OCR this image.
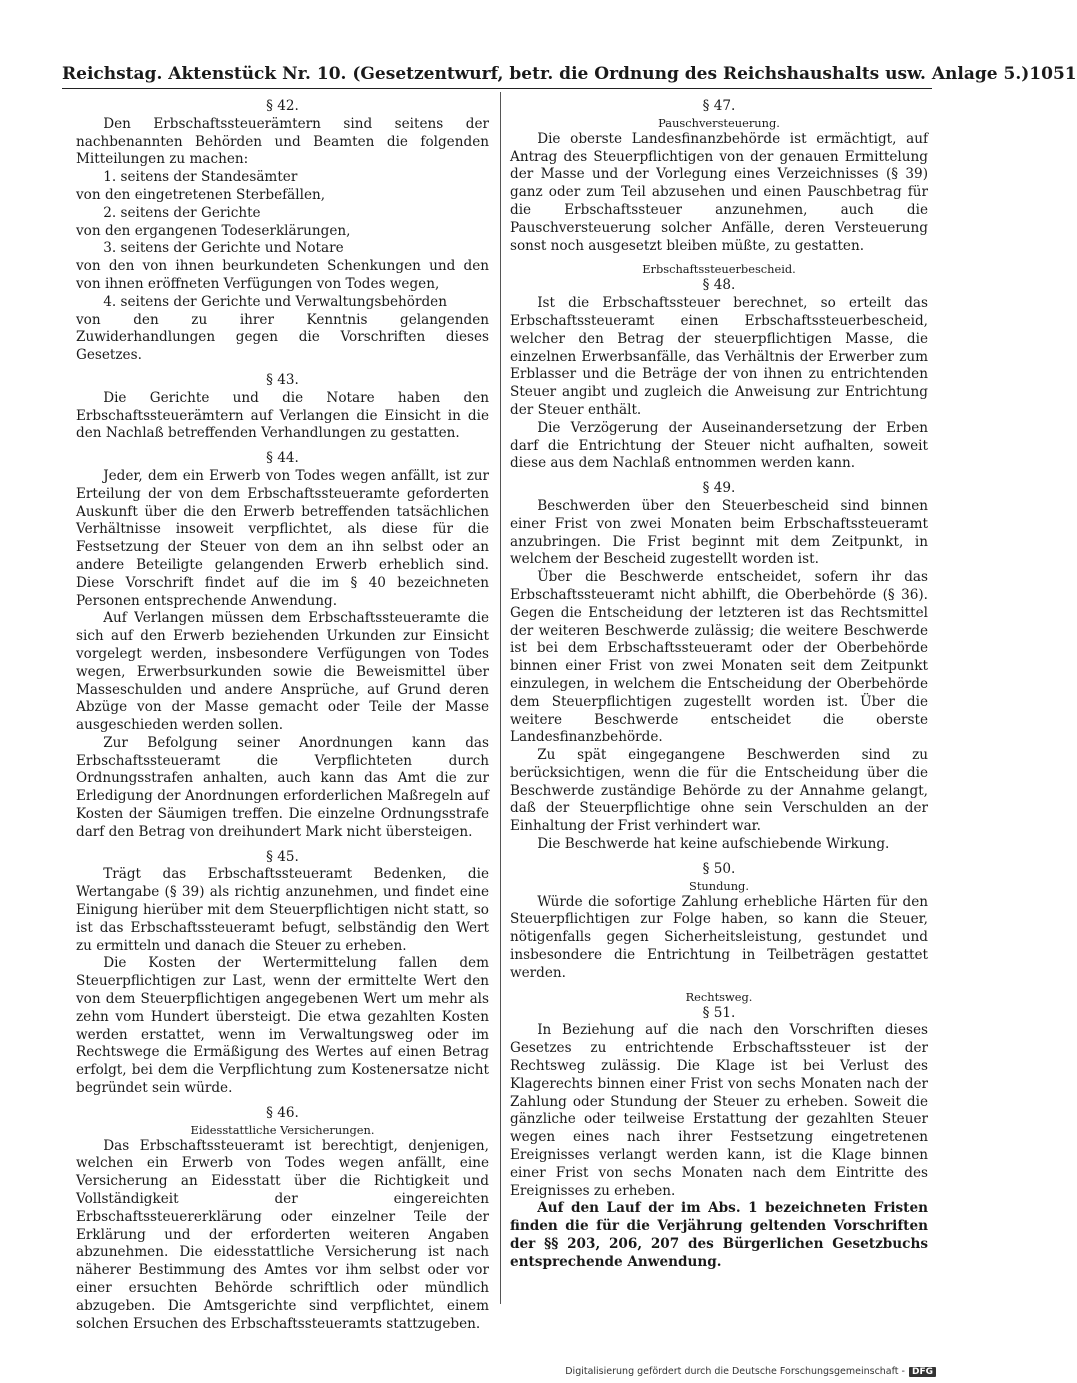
Reichstag. Aktenstück Nr. 10. (Gesetzentwurf, betr. die Ordnung des Reichshaushalts usw. Anlage 5.) 1051
§ 42.

Den Erbschaftssteuerämtern sind seitens der nachbenannten Behörden und Beamten die folgenden Mitteilungen zu machen:

1. seitens der Standesämter

von den eingetretenen Sterbefällen,

2. seitens der Gerichte

von den ergangenen Todeserklärungen,

3. seitens der Gerichte und Notare

von den von ihnen beurkundeten Schenkungen und den von ihnen eröffneten Verfügungen von Todes wegen,

4. seitens der Gerichte und Verwaltungsbehörden

von den zu ihrer Kenntnis gelangenden Zuwiderhandlungen gegen die Vorschriften dieses Gesetzes.

§ 43.

Die Gerichte und die Notare haben den Erbschaftssteuerämtern auf Verlangen die Einsicht in die den Nachlaß betreffenden Verhandlungen zu gestatten.

§ 44.

Jeder, dem ein Erwerb von Todes wegen anfällt, ist zur Erteilung der von dem Erbschaftssteueramte geforderten Auskunft über die den Erwerb betreffenden tatsächlichen Verhältnisse insoweit verpflichtet, als diese für die Festsetzung der Steuer von dem an ihn selbst oder an andere Beteiligte gelangenden Erwerb erheblich sind. Diese Vorschrift findet auf die im § 40 bezeichneten Personen entsprechende Anwendung.

Auf Verlangen müssen dem Erbschaftssteueramte die sich auf den Erwerb beziehenden Urkunden zur Einsicht vorgelegt werden, insbesondere Verfügungen von Todes wegen, Erwerbsurkunden sowie die Beweismittel über Masseschulden und andere Ansprüche, auf Grund deren Abzüge von der Masse gemacht oder Teile der Masse ausgeschieden werden sollen.

Zur Befolgung seiner Anordnungen kann das Erbschaftssteueramt die Verpflichteten durch Ordnungsstrafen anhalten, auch kann das Amt die zur Erledigung der Anordnungen erforderlichen Maßregeln auf Kosten der Säumigen treffen. Die einzelne Ordnungsstrafe darf den Betrag von dreihundert Mark nicht übersteigen.

§ 45.

Trägt das Erbschaftssteueramt Bedenken, die Wertangabe (§ 39) als richtig anzunehmen, und findet eine Einigung hierüber mit dem Steuerpflichtigen nicht statt, so ist das Erbschaftssteueramt befugt, selbständig den Wert zu ermitteln und danach die Steuer zu erheben.

Die Kosten der Wertermittelung fallen dem Steuerpflichtigen zur Last, wenn der ermittelte Wert den von dem Steuerpflichtigen angegebenen Wert um mehr als zehn vom Hundert übersteigt. Die etwa gezahlten Kosten werden erstattet, wenn im Verwaltungsweg oder im Rechtswege die Ermäßigung des Wertes auf einen Betrag erfolgt, bei dem die Verpflichtung zum Kostenersatze nicht begründet sein würde.

§ 46.
Eidesstattliche Versicherungen.

Das Erbschaftssteueramt ist berechtigt, denjenigen, welchen ein Erwerb von Todes wegen anfällt, eine Versicherung an Eidesstatt über die Richtigkeit und Vollständigkeit der eingereichten Erbschaftssteuererklärung oder einzelner Teile der Erklärung und der erforderten weiteren Angaben abzunehmen. Die eidesstattliche Versicherung ist nach näherer Bestimmung des Amtes vor ihm selbst oder vor einer ersuchten Behörde schriftlich oder mündlich abzugeben. Die Amtsgerichte sind verpflichtet, einem solchen Ersuchen des Erbschaftssteueramts stattzugeben.

§ 47.
Pauschversteuerung.

Die oberste Landesfinanzbehörde ist ermächtigt, auf Antrag des Steuerpflichtigen von der genauen Ermittelung der Masse und der Vorlegung eines Verzeichnisses (§ 39) ganz oder zum Teil abzusehen und einen Pauschbetrag für die Erbschaftssteuer anzunehmen, auch die Pauschversteuerung solcher Anfälle, deren Versteuerung sonst noch ausgesetzt bleiben müßte, zu gestatten.

Erbschaftssteuerbescheid.
§ 48.

Ist die Erbschaftssteuer berechnet, so erteilt das Erbschaftssteueramt einen Erbschaftssteuerbescheid, welcher den Betrag der steuerpflichtigen Masse, die einzelnen Erwerbsanfälle, das Verhältnis der Erwerber zum Erblasser und die Beträge der von ihnen zu entrichtenden Steuer angibt und zugleich die Anweisung zur Entrichtung der Steuer enthält.

Die Verzögerung der Auseinandersetzung der Erben darf die Entrichtung der Steuer nicht aufhalten, soweit diese aus dem Nachlaß entnommen werden kann.

§ 49.

Beschwerden über den Steuerbescheid sind binnen einer Frist von zwei Monaten beim Erbschaftssteueramt anzubringen. Die Frist beginnt mit dem Zeitpunkt, in welchem der Bescheid zugestellt worden ist.

Über die Beschwerde entscheidet, sofern ihr das Erbschaftssteueramt nicht abhilft, die Oberbehörde (§ 36). Gegen die Entscheidung der letzteren ist das Rechtsmittel der weiteren Beschwerde zulässig; die weitere Beschwerde ist bei dem Erbschaftssteueramt oder der Oberbehörde binnen einer Frist von zwei Monaten seit dem Zeitpunkt einzulegen, in welchem die Entscheidung der Oberbehörde dem Steuerpflichtigen zugestellt worden ist. Über die weitere Beschwerde entscheidet die oberste Landesfinanzbehörde.

Zu spät eingegangene Beschwerden sind zu berücksichtigen, wenn die für die Entscheidung über die Beschwerde zuständige Behörde zu der Annahme gelangt, daß der Steuerpflichtige ohne sein Verschulden an der Einhaltung der Frist verhindert war.

Die Beschwerde hat keine aufschiebende Wirkung.

§ 50.
Stundung.

Würde die sofortige Zahlung erhebliche Härten für den Steuerpflichtigen zur Folge haben, so kann die Steuer, nötigenfalls gegen Sicherheitsleistung, gestundet und insbesondere die Entrichtung in Teilbeträgen gestattet werden.

Rechtsweg.
§ 51.

In Beziehung auf die nach den Vorschriften dieses Gesetzes zu entrichtende Erbschaftssteuer ist der Rechtsweg zulässig. Die Klage ist bei Verlust des Klagerechts binnen einer Frist von sechs Monaten nach der Zahlung oder Stundung der Steuer zu erheben. Soweit die gänzliche oder teilweise Erstattung der gezahlten Steuer wegen eines nach ihrer Festsetzung eingetretenen Ereignisses verlangt werden kann, ist die Klage binnen einer Frist von sechs Monaten nach dem Eintritte des Ereignisses zu erheben.

Auf den Lauf der im Abs. 1 bezeichneten Fristen finden die für die Verjährung geltenden Vorschriften der §§ 203, 206, 207 des Bürgerlichen Gesetzbuchs entsprechende Anwendung.

Digitalisierung gefördert durch die Deutsche Forschungsgemeinschaft - DFG
